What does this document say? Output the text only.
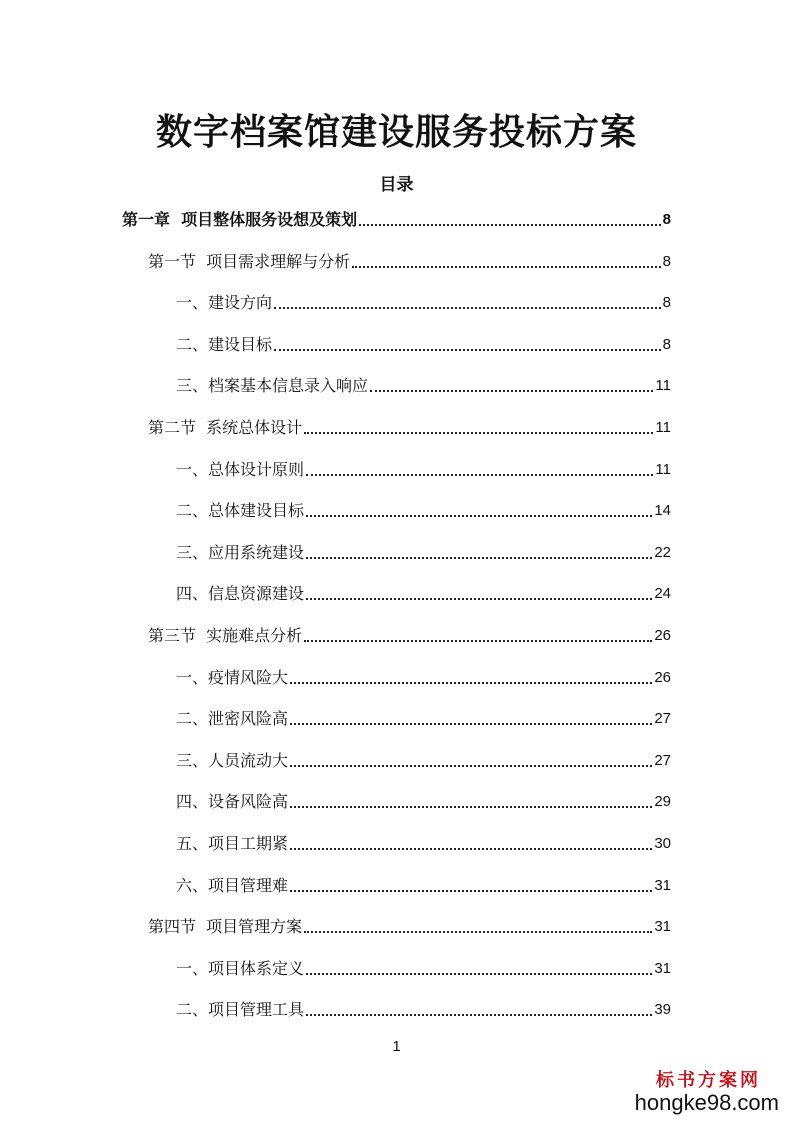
数字档案馆建设服务投标方案
目录
第一章  项目整体服务设想及策划	8
第一节  项目需求理解与分析	8
一、建设方向	8
二、建设目标	8
三、档案基本信息录入响应	11
第二节  系统总体设计	11
一、总体设计原则	11
二、总体建设目标	14
三、应用系统建设	22
四、信息资源建设	24
第三节  实施难点分析	26
一、疫情风险大	26
二、泄密风险高	27
三、人员流动大	27
四、设备风险高	29
五、项目工期紧	30
六、项目管理难	31
第四节  项目管理方案	31
一、项目体系定义	31
二、项目管理工具	39
1
标书方案网
hongke98.com
